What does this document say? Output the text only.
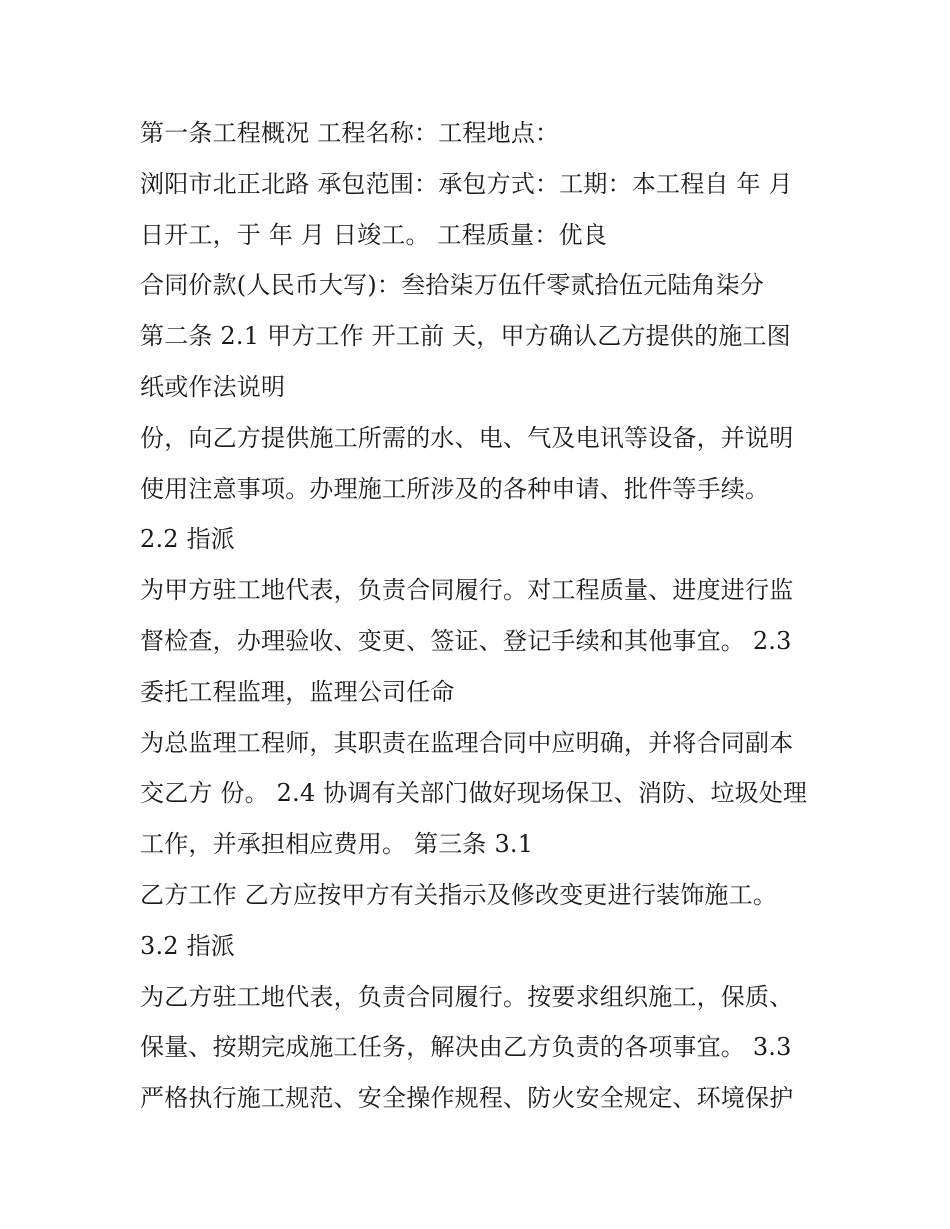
第一条工程概况 工程名称：工程地点：
浏阳市北正北路 承包范围：承包方式：工期：本工程自 年 月
日开工，于 年 月 日竣工。 工程质量：优良
合同价款(人民币大写)：叁拾柒万伍仟零贰拾伍元陆角柒分
第二条 2.1 甲方工作 开工前 天，甲方确认乙方提供的施工图
纸或作法说明
份，向乙方提供施工所需的水、电、气及电讯等设备，并说明
使用注意事项。办理施工所涉及的各种申请、批件等手续。
2.2 指派
为甲方驻工地代表，负责合同履行。对工程质量、进度进行监
督检查，办理验收、变更、签证、登记手续和其他事宜。 2.3
委托工程监理，监理公司任命
为总监理工程师，其职责在监理合同中应明确，并将合同副本
交乙方 份。 2.4 协调有关部门做好现场保卫、消防、垃圾处理
工作，并承担相应费用。 第三条 3.1
乙方工作 乙方应按甲方有关指示及修改变更进行装饰施工。
3.2 指派
为乙方驻工地代表，负责合同履行。按要求组织施工，保质、
保量、按期完成施工任务，解决由乙方负责的各项事宜。 3.3
严格执行施工规范、安全操作规程、防火安全规定、环境保护
